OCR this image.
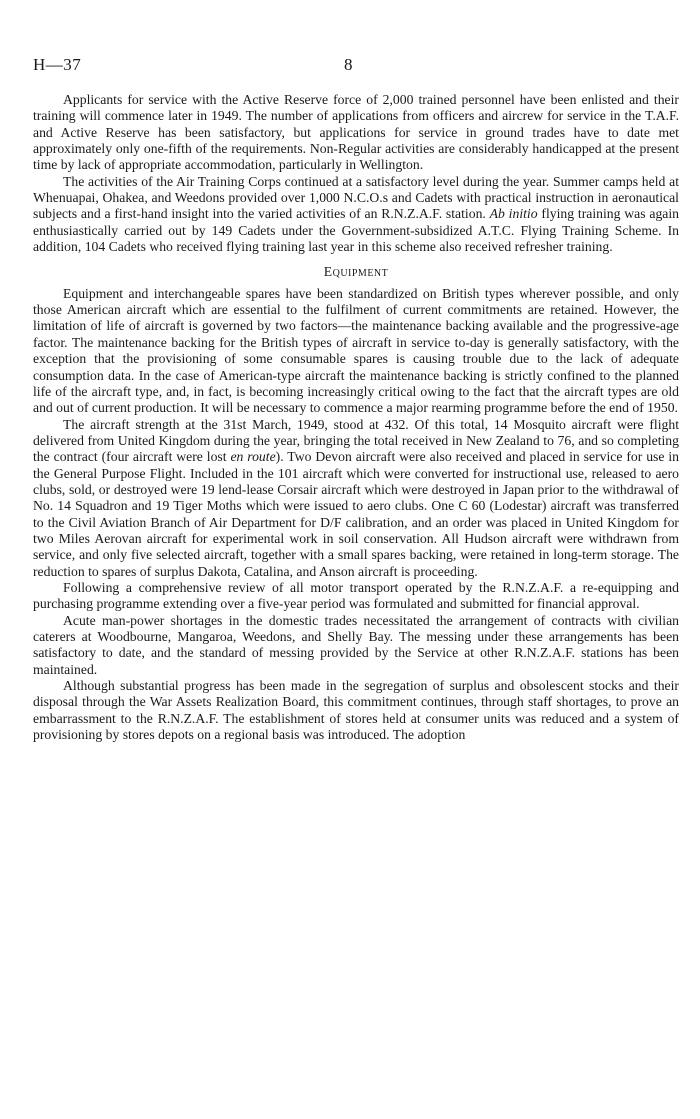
H—37	8

Applicants for service with the Active Reserve force of 2,000 trained personnel have been enlisted and their training will commence later in 1949. The number of applications from officers and aircrew for service in the T.A.F. and Active Reserve has been satisfactory, but applications for service in ground trades have to date met approximately only one-fifth of the requirements. Non-Regular activities are considerably handicapped at the present time by lack of appropriate accommodation, particularly in Wellington.

The activities of the Air Training Corps continued at a satisfactory level during the year. Summer camps held at Whenuapai, Ohakea, and Weedons provided over 1,000 N.C.O.s and Cadets with practical instruction in aeronautical subjects and a first-hand insight into the varied activities of an R.N.Z.A.F. station. Ab initio flying training was again enthusiastically carried out by 149 Cadets under the Government-subsidized A.T.C. Flying Training Scheme. In addition, 104 Cadets who received flying training last year in this scheme also received refresher training.

Equipment

Equipment and interchangeable spares have been standardized on British types wherever possible, and only those American aircraft which are essential to the fulfilment of current commitments are retained. However, the limitation of life of aircraft is governed by two factors—the maintenance backing available and the progressive-age factor. The maintenance backing for the British types of aircraft in service to-day is generally satisfactory, with the exception that the provisioning of some consumable spares is causing trouble due to the lack of adequate consumption data. In the case of American-type aircraft the maintenance backing is strictly confined to the planned life of the aircraft type, and, in fact, is becoming increasingly critical owing to the fact that the aircraft types are old and out of current production. It will be necessary to commence a major rearming programme before the end of 1950.

The aircraft strength at the 31st March, 1949, stood at 432. Of this total, 14 Mosquito aircraft were flight delivered from United Kingdom during the year, bringing the total received in New Zealand to 76, and so completing the contract (four aircraft were lost en route). Two Devon aircraft were also received and placed in service for use in the General Purpose Flight. Included in the 101 aircraft which were converted for instructional use, released to aero clubs, sold, or destroyed were 19 lend-lease Corsair aircraft which were destroyed in Japan prior to the withdrawal of No. 14 Squadron and 19 Tiger Moths which were issued to aero clubs. One C 60 (Lodestar) aircraft was transferred to the Civil Aviation Branch of Air Department for D/F calibration, and an order was placed in United Kingdom for two Miles Aerovan aircraft for experimental work in soil conservation. All Hudson aircraft were withdrawn from service, and only five selected aircraft, together with a small spares backing, were retained in long-term storage. The reduction to spares of surplus Dakota, Catalina, and Anson aircraft is proceeding.

Following a comprehensive review of all motor transport operated by the R.N.Z.A.F. a re-equipping and purchasing programme extending over a five-year period was formulated and submitted for financial approval.

Acute man-power shortages in the domestic trades necessitated the arrangement of contracts with civilian caterers at Woodbourne, Mangaroa, Weedons, and Shelly Bay. The messing under these arrangements has been satisfactory to date, and the standard of messing provided by the Service at other R.N.Z.A.F. stations has been maintained.

Although substantial progress has been made in the segregation of surplus and obsolescent stocks and their disposal through the War Assets Realization Board, this commitment continues, through staff shortages, to prove an embarrassment to the R.N.Z.A.F. The establishment of stores held at consumer units was reduced and a system of provisioning by stores depots on a regional basis was introduced. The adoption
